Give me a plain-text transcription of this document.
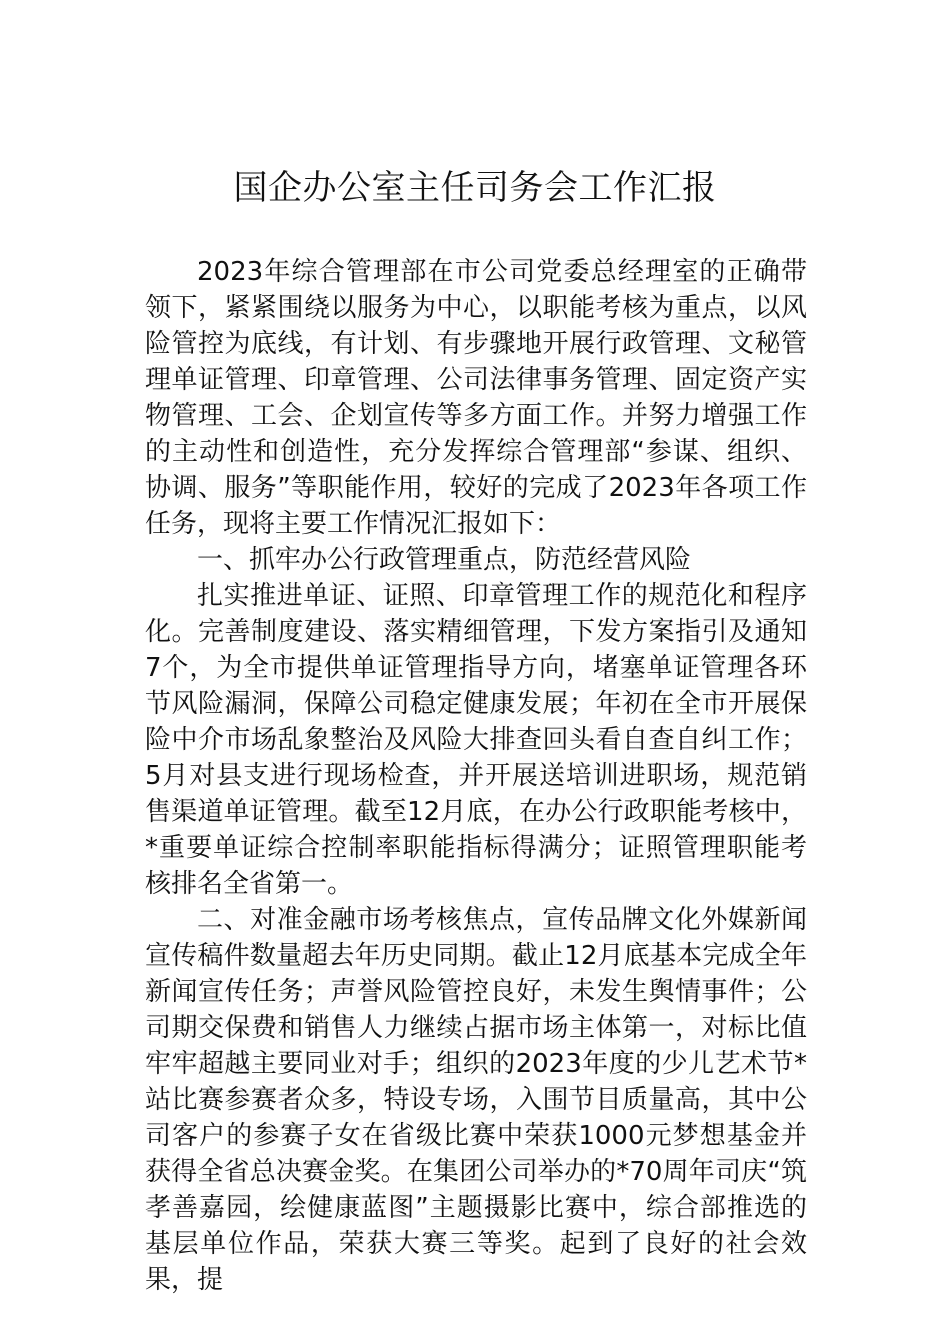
国企办公室主任司务会工作汇报

2023年综合管理部在市公司党委总经理室的正确带领下，紧紧围绕以服务为中心，以职能考核为重点，以风险管控为底线，有计划、有步骤地开展行政管理、文秘管理单证管理、印章管理、公司法律事务管理、固定资产实物管理、工会、企划宣传等多方面工作。并努力增强工作的主动性和创造性，充分发挥综合管理部“参谋、组织、协调、服务”等职能作用，较好的完成了2023年各项工作任务，现将主要工作情况汇报如下：

一、抓牢办公行政管理重点，防范经营风险

扎实推进单证、证照、印章管理工作的规范化和程序化。完善制度建设、落实精细管理，下发方案指引及通知7个，为全市提供单证管理指导方向，堵塞单证管理各环节风险漏洞，保障公司稳定健康发展；年初在全市开展保险中介市场乱象整治及风险大排查回头看自查自纠工作；5月对县支进行现场检查，并开展送培训进职场，规范销售渠道单证管理。截至12月底，在办公行政职能考核中，*重要单证综合控制率职能指标得满分；证照管理职能考核排名全省第一。

二、对准金融市场考核焦点，宣传品牌文化外媒新闻宣传稿件数量超去年历史同期。截止12月底基本完成全年新闻宣传任务；声誉风险管控良好，未发生舆情事件；公司期交保费和销售人力继续占据市场主体第一，对标比值牢牢超越主要同业对手；组织的2023年度的少儿艺术节*站比赛参赛者众多，特设专场，入围节目质量高，其中公司客户的参赛子女在省级比赛中荣获1000元梦想基金并获得全省总决赛金奖。在集团公司举办的*70周年司庆“筑孝善嘉园，绘健康蓝图”主题摄影比赛中，综合部推选的基层单位作品，荣获大赛三等奖。起到了良好的社会效果，提
